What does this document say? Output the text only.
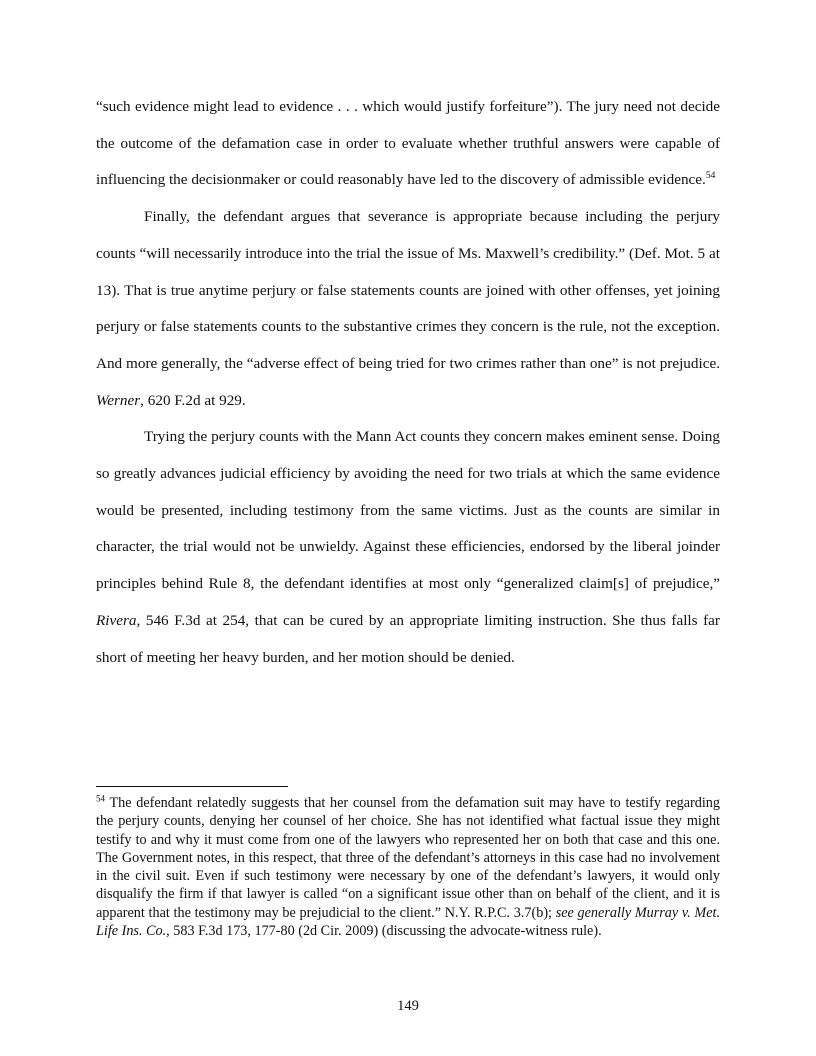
“such evidence might lead to evidence . . . which would justify forfeiture”). The jury need not decide the outcome of the defamation case in order to evaluate whether truthful answers were capable of influencing the decisionmaker or could reasonably have led to the discovery of admissible evidence.$^{54}$

Finally, the defendant argues that severance is appropriate because including the perjury counts “will necessarily introduce into the trial the issue of Ms. Maxwell’s credibility.” (Def. Mot. 5 at 13). That is true anytime perjury or false statements counts are joined with other offenses, yet joining perjury or false statements counts to the substantive crimes they concern is the rule, not the exception. And more generally, the “adverse effect of being tried for two crimes rather than one” is not prejudice. Werner, 620 F.2d at 929.

Trying the perjury counts with the Mann Act counts they concern makes eminent sense. Doing so greatly advances judicial efficiency by avoiding the need for two trials at which the same evidence would be presented, including testimony from the same victims. Just as the counts are similar in character, the trial would not be unwieldy. Against these efficiencies, endorsed by the liberal joinder principles behind Rule 8, the defendant identifies at most only “generalized claim[s] of prejudice,” Rivera, 546 F.3d at 254, that can be cured by an appropriate limiting instruction. She thus falls far short of meeting her heavy burden, and her motion should be denied.

$^{54}$ The defendant relatedly suggests that her counsel from the defamation suit may have to testify regarding the perjury counts, denying her counsel of her choice. She has not identified what factual issue they might testify to and why it must come from one of the lawyers who represented her on both that case and this one. The Government notes, in this respect, that three of the defendant’s attorneys in this case had no involvement in the civil suit. Even if such testimony were necessary by one of the defendant’s lawyers, it would only disqualify the firm if that lawyer is called “on a significant issue other than on behalf of the client, and it is apparent that the testimony may be prejudicial to the client.” N.Y. R.P.C. 3.7(b); see generally Murray v. Met. Life Ins. Co., 583 F.3d 173, 177-80 (2d Cir. 2009) (discussing the advocate-witness rule).

149
